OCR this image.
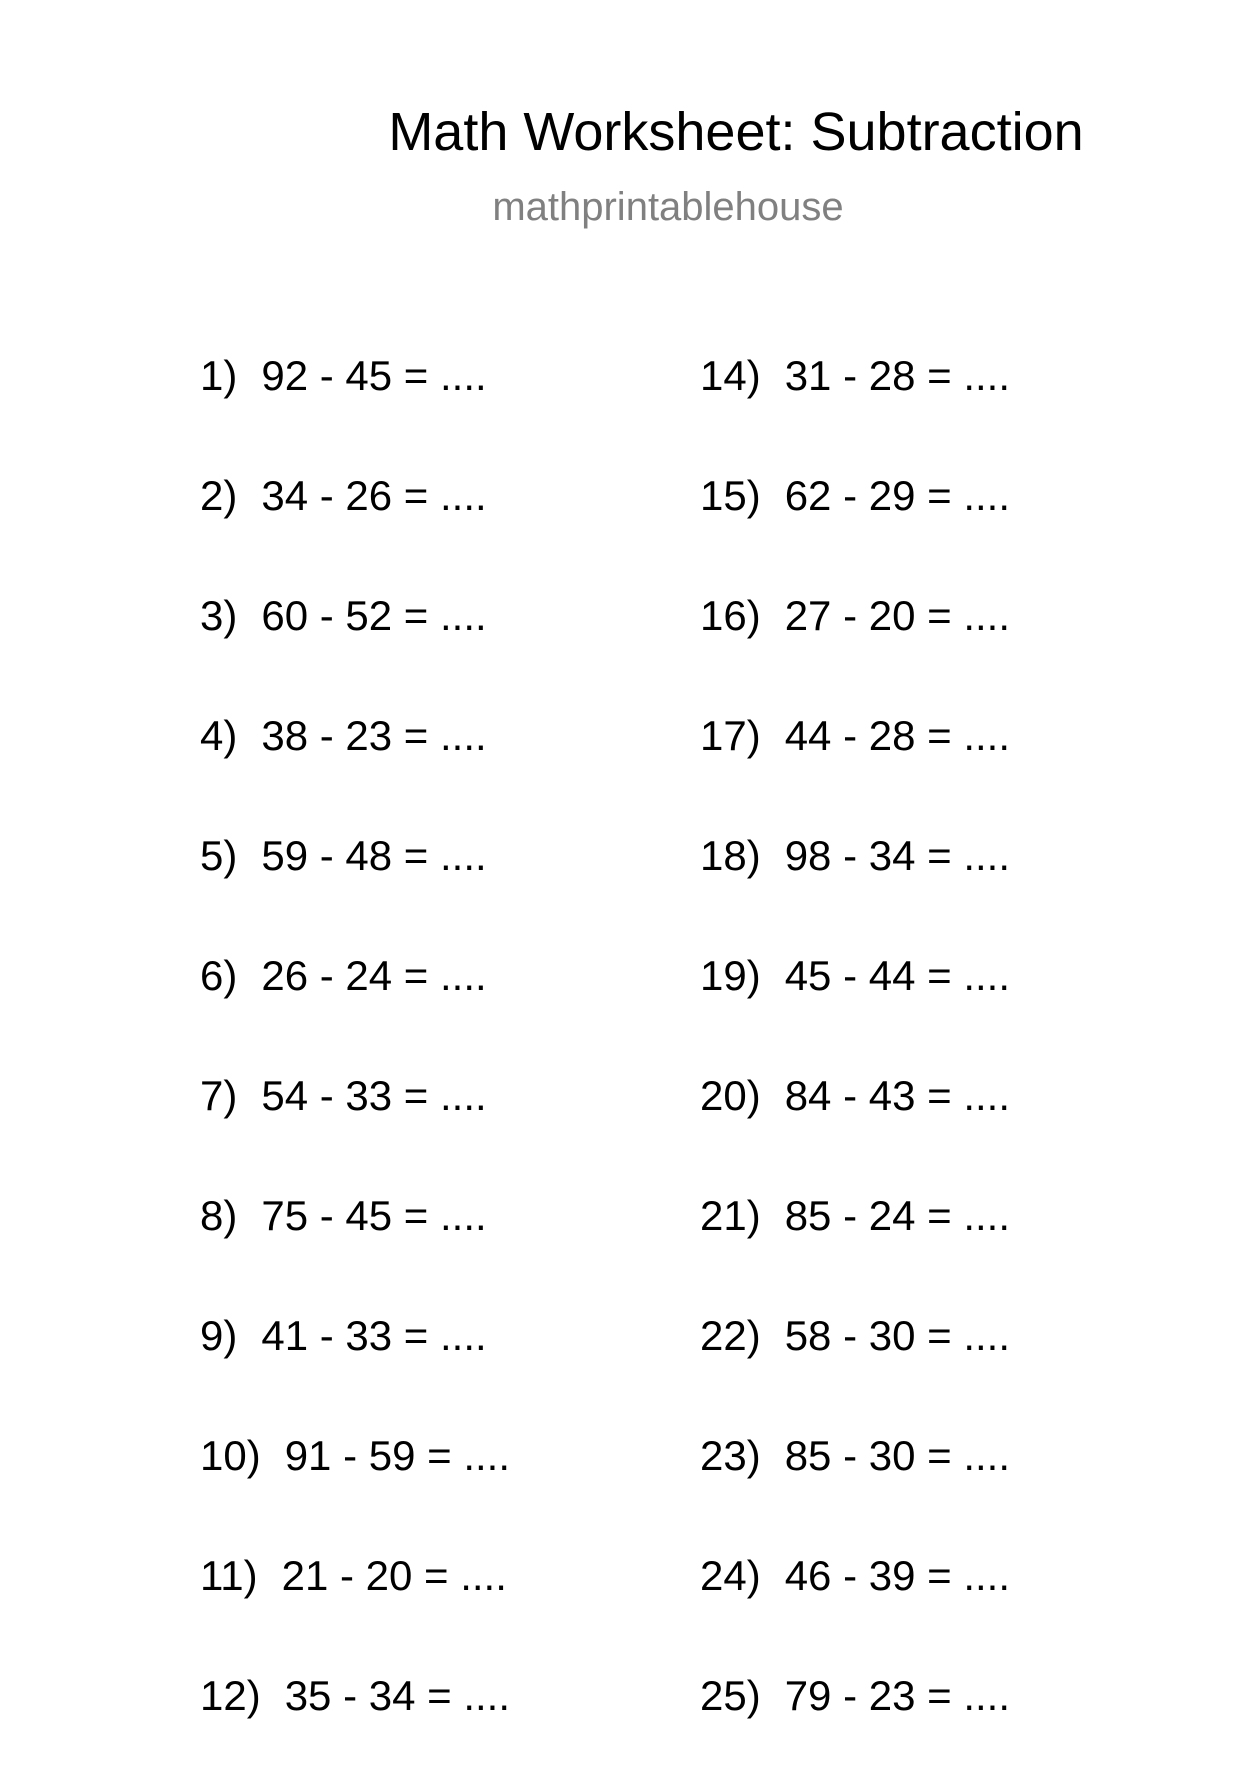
Math Worksheet: Subtraction
mathprintablehouse
1) 92 - 45 = ....
2) 34 - 26 = ....
3) 60 - 52 = ....
4) 38 - 23 = ....
5) 59 - 48 = ....
6) 26 - 24 = ....
7) 54 - 33 = ....
8) 75 - 45 = ....
9) 41 - 33 = ....
10) 91 - 59 = ....
11) 21 - 20 = ....
12) 35 - 34 = ....
14) 31 - 28 = ....
15) 62 - 29 = ....
16) 27 - 20 = ....
17) 44 - 28 = ....
18) 98 - 34 = ....
19) 45 - 44 = ....
20) 84 - 43 = ....
21) 85 - 24 = ....
22) 58 - 30 = ....
23) 85 - 30 = ....
24) 46 - 39 = ....
25) 79 - 23 = ....
